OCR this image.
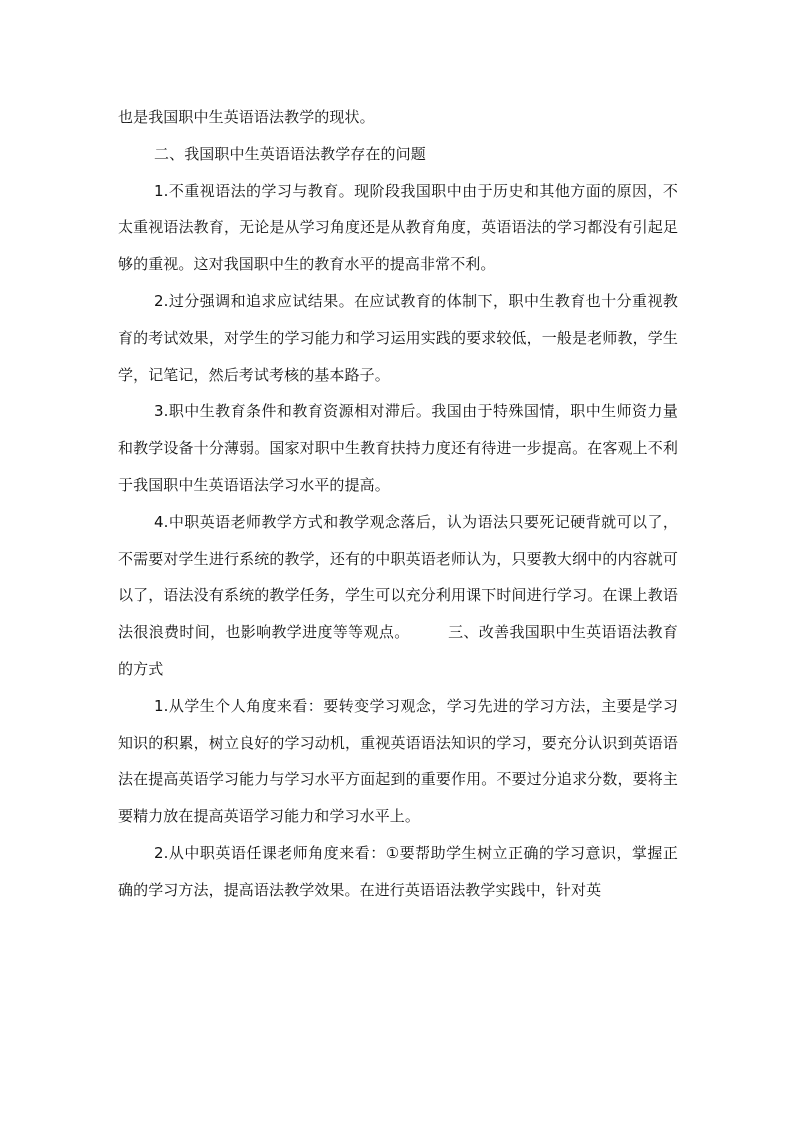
也是我国职中生英语语法教学的现状。

二、我国职中生英语语法教学存在的问题

1.不重视语法的学习与教育。现阶段我国职中由于历史和其他方面的原因，不太重视语法教育，无论是从学习角度还是从教育角度，英语语法的学习都没有引起足够的重视。这对我国职中生的教育水平的提高非常不利。

2.过分强调和追求应试结果。在应试教育的体制下，职中生教育也十分重视教育的考试效果，对学生的学习能力和学习运用实践的要求较低，一般是老师教，学生学，记笔记，然后考试考核的基本路子。

3.职中生教育条件和教育资源相对滞后。我国由于特殊国情，职中生师资力量和教学设备十分薄弱。国家对职中生教育扶持力度还有待进一步提高。在客观上不利于我国职中生英语语法学习水平的提高。

4.中职英语老师教学方式和教学观念落后，认为语法只要死记硬背就可以了，不需要对学生进行系统的教学，还有的中职英语老师认为，只要教大纲中的内容就可以了，语法没有系统的教学任务，学生可以充分利用课下时间进行学习。在课上教语法很浪费时间，也影响教学进度等等观点。　　　三、改善我国职中生英语语法教育的方式

1.从学生个人角度来看：要转变学习观念，学习先进的学习方法，主要是学习知识的积累，树立良好的学习动机，重视英语语法知识的学习，要充分认识到英语语法在提高英语学习能力与学习水平方面起到的重要作用。不要过分追求分数，要将主要精力放在提高英语学习能力和学习水平上。

2.从中职英语任课老师角度来看：①要帮助学生树立正确的学习意识，掌握正确的学习方法，提高语法教学效果。在进行英语语法教学实践中，针对英
